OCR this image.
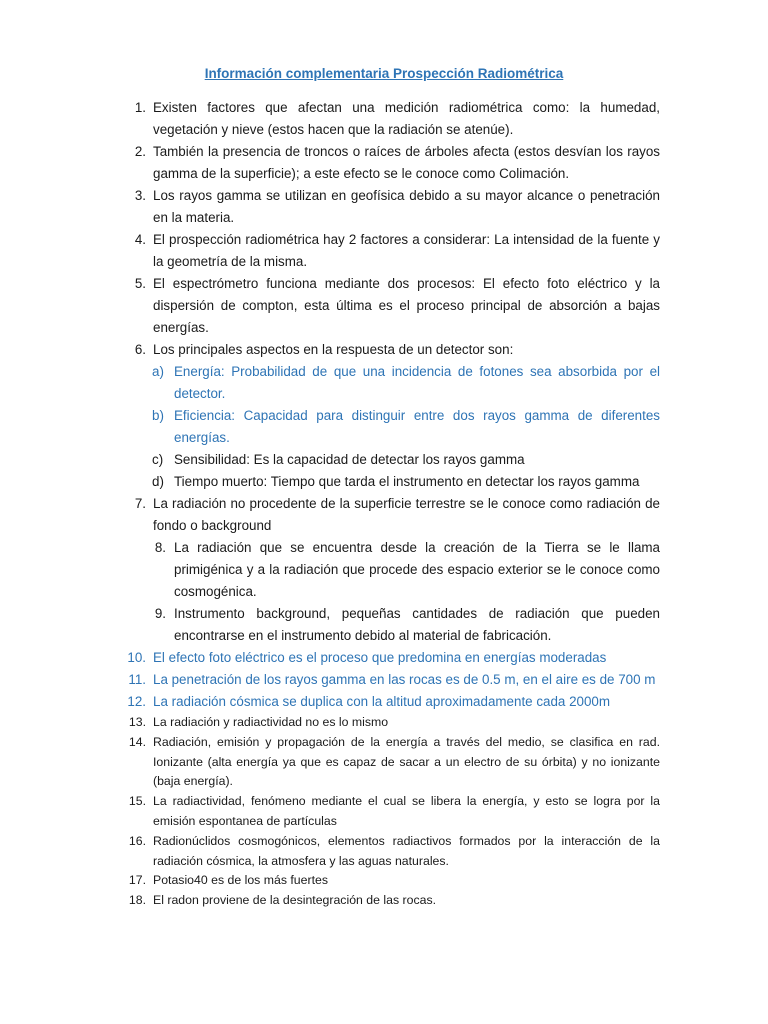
Información complementaria Prospección Radiométrica
1. Existen factores que afectan una medición radiométrica como: la humedad, vegetación y nieve (estos hacen que la radiación se atenúe).
2. También la presencia de troncos o raíces de árboles afecta (estos desvían los rayos gamma de la superficie); a este efecto se le conoce como Colimación.
3. Los rayos gamma se utilizan en geofísica debido a su mayor alcance o penetración en la materia.
4. El prospección radiométrica hay 2 factores a considerar: La intensidad de la fuente y la geometría de la misma.
5. El espectrómetro funciona mediante dos procesos: El efecto foto eléctrico y la dispersión de compton, esta última es el proceso principal de absorción a bajas energías.
6. Los principales aspectos en la respuesta de un detector son:
a) Energía: Probabilidad de que una incidencia de fotones sea absorbida por el detector.
b) Eficiencia: Capacidad para distinguir entre dos rayos gamma de diferentes energías.
c) Sensibilidad: Es la capacidad de detectar los rayos gamma
d) Tiempo muerto: Tiempo que tarda el instrumento en detectar los rayos gamma
7. La radiación no procedente de la superficie terrestre se le conoce como radiación de fondo o background
8. La radiación que se encuentra desde la creación de la Tierra se le llama primigénica y a la radiación que procede des espacio exterior se le conoce como cosmogénica.
9. Instrumento background, pequeñas cantidades de radiación que pueden encontrarse en el instrumento debido al material de fabricación.
10. El efecto foto eléctrico es el proceso que predomina en energías moderadas
11. La penetración de los rayos gamma en las rocas es de 0.5 m, en el aire es de 700 m
12. La radiación cósmica se duplica con la altitud aproximadamente cada 2000m
13. La radiación y radiactividad no es lo mismo
14. Radiación, emisión y propagación de la energía a través del medio, se clasifica en rad. Ionizante (alta energía ya que es capaz de sacar a un electro de su órbita) y no ionizante (baja energía).
15. La radiactividad, fenómeno mediante el cual se libera la energía, y esto se logra por la emisión espontanea de partículas
16. Radionúclidos cosmogónicos, elementos radiactivos formados por la interacción de la radiación cósmica, la atmosfera y las aguas naturales.
17. Potasio40 es de los más fuertes
18. El radon proviene de la desintegración de las rocas.
